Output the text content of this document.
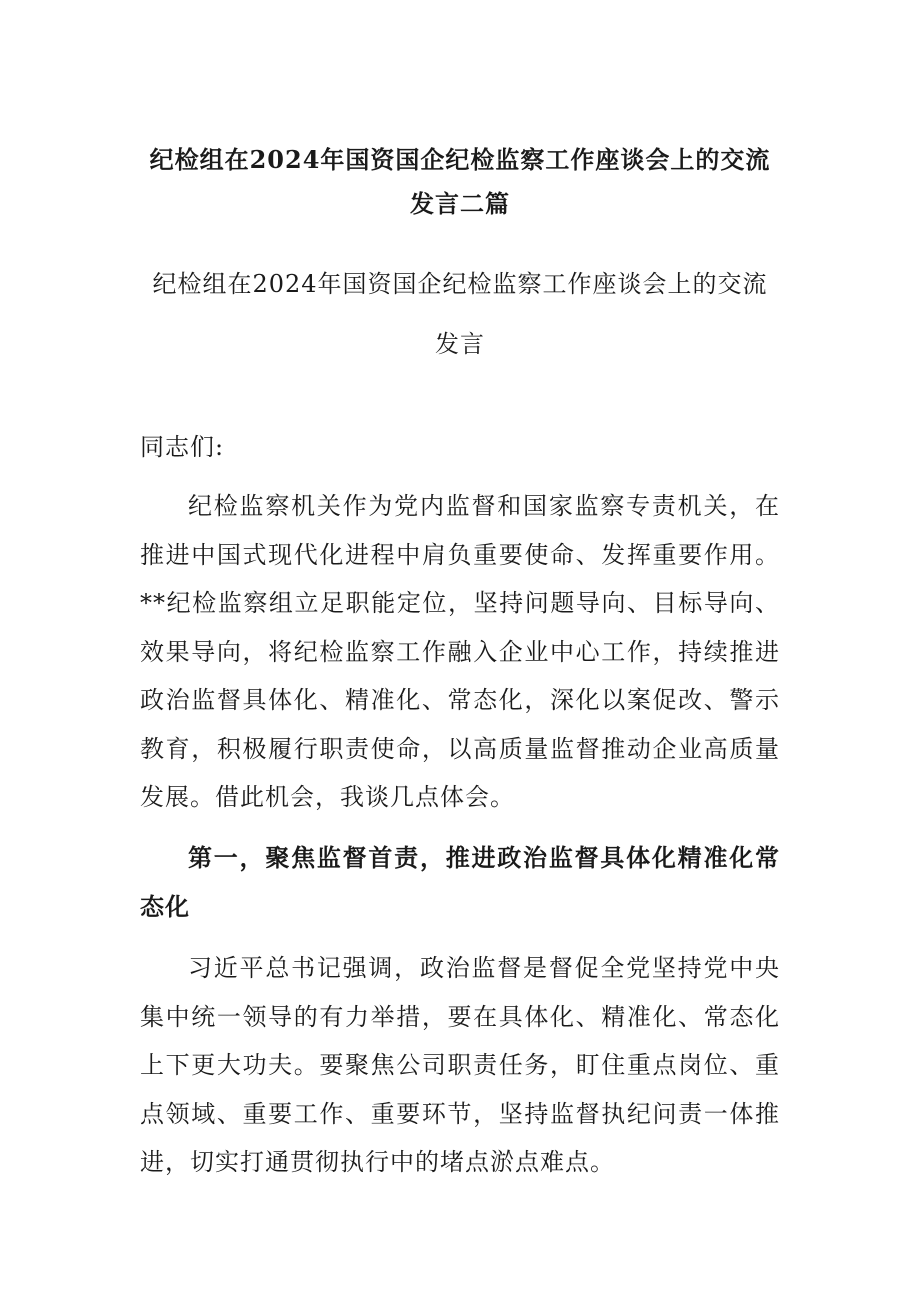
纪检组在2024年国资国企纪检监察工作座谈会上的交流发言二篇
纪检组在2024年国资国企纪检监察工作座谈会上的交流发言

同志们:

纪检监察机关作为党内监督和国家监察专责机关，在推进中国式现代化进程中肩负重要使命、发挥重要作用。**纪检监察组立足职能定位，坚持问题导向、目标导向、效果导向，将纪检监察工作融入企业中心工作，持续推进政治监督具体化、精准化、常态化，深化以案促改、警示教育，积极履行职责使命，以高质量监督推动企业高质量发展。借此机会，我谈几点体会。

第一，聚焦监督首责，推进政治监督具体化精准化常态化

习近平总书记强调，政治监督是督促全党坚持党中央集中统一领导的有力举措，要在具体化、精准化、常态化上下更大功夫。要聚焦公司职责任务，盯住重点岗位、重点领域、重要工作、重要环节，坚持监督执纪问责一体推进，切实打通贯彻执行中的堵点淤点难点。
